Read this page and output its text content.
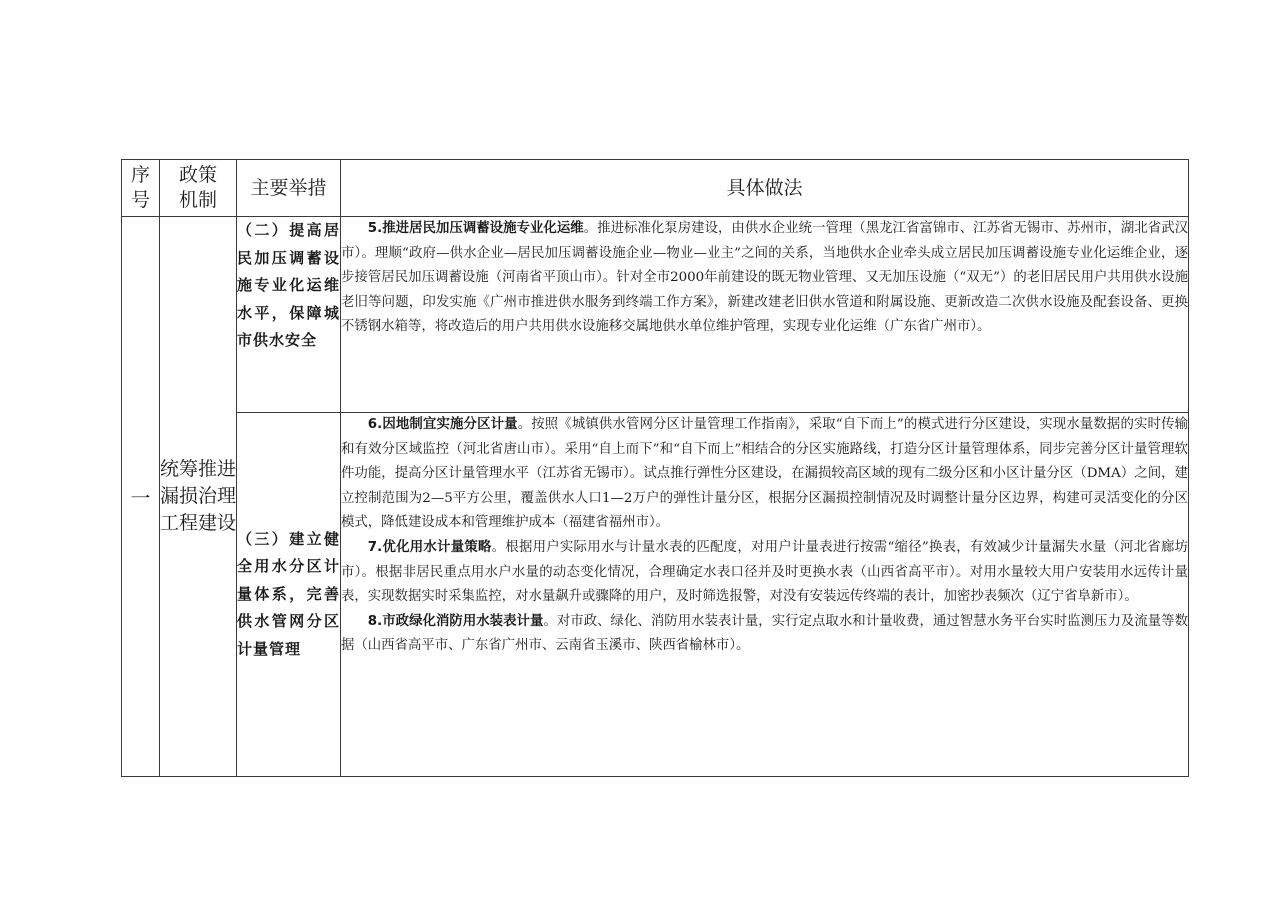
序号	政策机制	主要举措	具体做法
一	统筹推进漏损治理工程建设	（二）提高居民加压调蓄设施专业化运维水平，保障城市供水安全	5.推进居民加压调蓄设施专业化运维。推进标准化泵房建设，由供水企业统一管理（黑龙江省富锦市、江苏省无锡市、苏州市，湖北省武汉市）。理顺“政府—供水企业—居民加压调蓄设施企业—物业—业主”之间的关系，当地供水企业牵头成立居民加压调蓄设施专业化运维企业，逐步接管居民加压调蓄设施（河南省平顶山市）。针对全市2000年前建设的既无物业管理、又无加压设施（“双无”）的老旧居民用户共用供水设施老旧等问题，印发实施《广州市推进供水服务到终端工作方案》，新建改建老旧供水管道和附属设施、更新改造二次供水设施及配套设备、更换不锈钢水箱等，将改造后的用户共用供水设施移交属地供水单位维护管理，实现专业化运维（广东省广州市）。

		（三）建立健全用水分区计量体系，完善供水管网分区计量管理	6.因地制宜实施分区计量。按照《城镇供水管网分区计量管理工作指南》，采取“自下而上”的模式进行分区建设，实现水量数据的实时传输和有效分区域监控（河北省唐山市）。采用“自上而下”和“自下而上”相结合的分区实施路线，打造分区计量管理体系，同步完善分区计量管理软件功能，提高分区计量管理水平（江苏省无锡市）。试点推行弹性分区建设，在漏损较高区域的现有二级分区和小区计量分区（DMA）之间，建立控制范围为2—5平方公里，覆盖供水人口1—2万户的弹性计量分区，根据分区漏损控制情况及时调整计量分区边界，构建可灵活变化的分区模式，降低建设成本和管理维护成本（福建省福州市）。

7.优化用水计量策略。根据用户实际用水与计量水表的匹配度，对用户计量表进行按需“缩径”换表，有效减少计量漏失水量（河北省廊坊市）。根据非居民重点用水户水量的动态变化情况，合理确定水表口径并及时更换水表（山西省高平市）。对用水量较大用户安装用水远传计量表，实现数据实时采集监控，对水量飙升或骤降的用户，及时筛选报警，对没有安装远传终端的表计，加密抄表频次（辽宁省阜新市）。

8.市政绿化消防用水装表计量。对市政、绿化、消防用水装表计量，实行定点取水和计量收费，通过智慧水务平台实时监测压力及流量等数据（山西省高平市、广东省广州市、云南省玉溪市、陕西省榆林市）。
